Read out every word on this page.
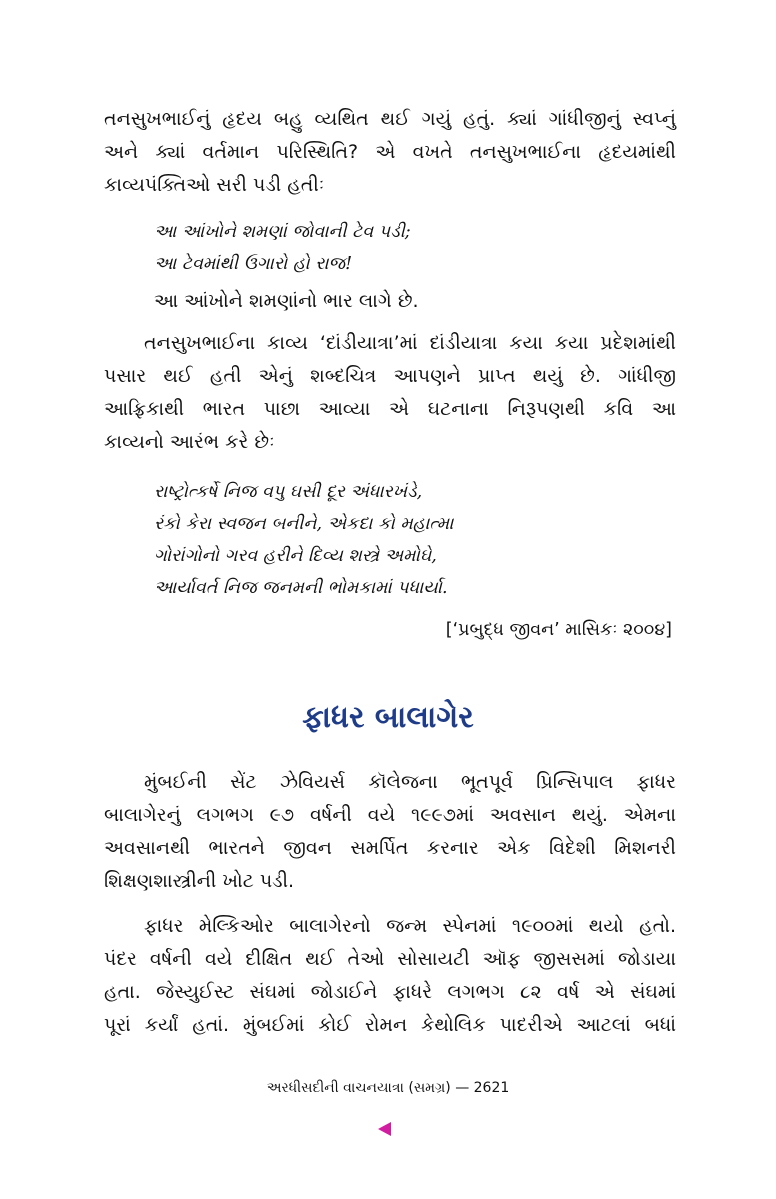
તનસુખભાઈનું હૃદય બહુ વ્યથિત થઈ ગયું હતું. ક્યાં ગાંધીજીનું સ્વપ્નું
અને ક્યાં વર્તમાન પરિસ્થિતિ? એ વખતે તનસુખભાઈના હૃદયમાંથી
કાવ્યપંક્તિઓ સરી પડી હતીઃ
આ આંખોને શમણાં જોવાની ટેવ પડી;
આ ટેવમાંથી ઉગારો હો રાજ!

આ આંખોને શમણાંનો ભાર લાગે છે.

તનસુખભાઈના કાવ્ય ‘દાંડીયાત્રા’માં દાંડીયાત્રા કયા કયા પ્રદેશમાંથી
પસાર થઈ હતી એનું શબ્દચિત્ર આપણને પ્રાપ્ત થયું છે. ગાંધીજી
આફ્રિકાથી ભારત પાછા આવ્યા એ ઘટનાના નિરૂપણથી કવિ આ
કાવ્યનો આરંભ કરે છેઃ
રાષ્ટ્રોત્કર્ષે નિજ વપુ ઘસી દૂર અંધારખંડે,
રંકો કેરા સ્વજન બનીને, એકદા કો મહાત્મા
ગોરાંગોનો ગરવ હરીને દિવ્ય શસ્ત્રે અમોઘે,
આર્યાવર્ત નિજ જનમની ભોમકામાં પધાર્યા.

[‘પ્રબુદ્ધ જીવન’ માસિકઃ ૨૦૦૪]

ફાધર બાલાગેર
મુંબઈની સેંટ ઝેવિયર્સ કૉલેજના ભૂતપૂર્વ પ્રિન્સિપાલ ફાધર
બાલાગેરનું લગભગ ૯૭ વર્ષની વયે ૧૯૯૭માં અવસાન થયું. એમના
અવસાનથી ભારતને જીવન સમર્પિત કરનાર એક વિદેશી મિશનરી
શિક્ષણશાસ્ત્રીની ખોટ પડી.
ફાધર મેલ્કિઓર બાલાગેરનો જન્મ સ્પેનમાં ૧૯૦૦માં થયો હતો.
પંદર વર્ષની વયે દીક્ષિત થઈ તેઓ સોસાયટી ઑફ જીસસમાં જોડાયા
હતા. જેસ્યુઈસ્ટ સંઘમાં જોડાઈને ફાધરે લગભગ ૮૨ વર્ષ એ સંઘમાં
પૂરાં કર્યાં હતાં. મુંબઈમાં કોઈ રોમન કેથોલિક પાદરીએ આટલાં બધાં

અરધીસદીની વાચનયાત્રા (સમગ્ર) — 2621
